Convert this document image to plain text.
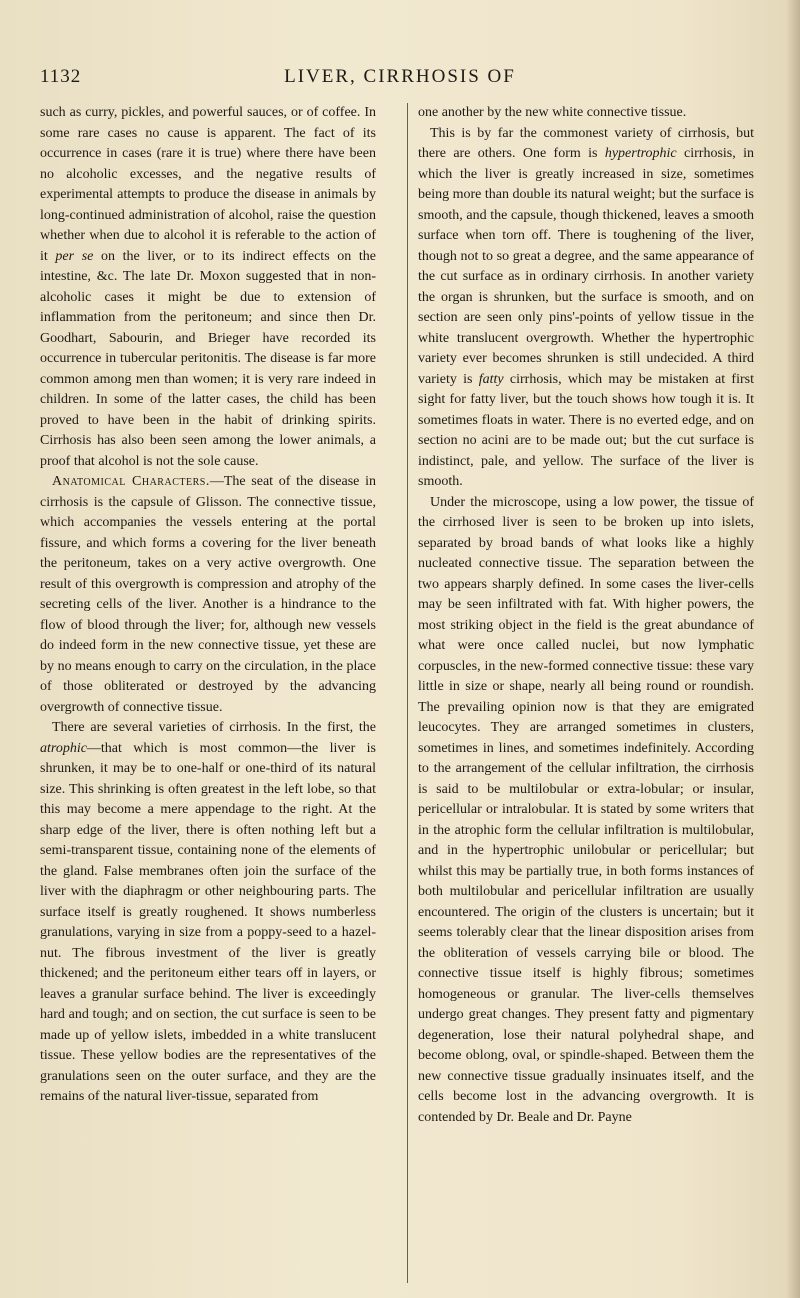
1132	LIVER, CIRRHOSIS OF

such as curry, pickles, and powerful sauces, or of coffee. In some rare cases no cause is apparent. The fact of its occurrence in cases (rare it is true) where there have been no alcoholic excesses, and the negative results of experimental attempts to produce the disease in animals by long-continued administration of alcohol, raise the question whether when due to alcohol it is referable to the action of it per se on the liver, or to its indirect effects on the intestine, &c. The late Dr. Moxon suggested that in non-alcoholic cases it might be due to extension of inflammation from the peritoneum; and since then Dr. Goodhart, Sabourin, and Brieger have recorded its occurrence in tubercular peritonitis. The disease is far more common among men than women; it is very rare indeed in children. In some of the latter cases, the child has been proved to have been in the habit of drinking spirits. Cirrhosis has also been seen among the lower animals, a proof that alcohol is not the sole cause.

Anatomical Characters.—The seat of the disease in cirrhosis is the capsule of Glisson. The connective tissue, which accompanies the vessels entering at the portal fissure, and which forms a covering for the liver beneath the peritoneum, takes on a very active overgrowth. One result of this overgrowth is compression and atrophy of the secreting cells of the liver. Another is a hindrance to the flow of blood through the liver; for, although new vessels do indeed form in the new connective tissue, yet these are by no means enough to carry on the circulation, in the place of those obliterated or destroyed by the advancing overgrowth of connective tissue.

There are several varieties of cirrhosis. In the first, the atrophic—that which is most common—the liver is shrunken, it may be to one-half or one-third of its natural size. This shrinking is often greatest in the left lobe, so that this may become a mere appendage to the right. At the sharp edge of the liver, there is often nothing left but a semi-transparent tissue, containing none of the elements of the gland. False membranes often join the surface of the liver with the diaphragm or other neighbouring parts. The surface itself is greatly roughened. It shows numberless granulations, varying in size from a poppy-seed to a hazel-nut. The fibrous investment of the liver is greatly thickened; and the peritoneum either tears off in layers, or leaves a granular surface behind. The liver is exceedingly hard and tough; and on section, the cut surface is seen to be made up of yellow islets, imbedded in a white translucent tissue. These yellow bodies are the representatives of the granulations seen on the outer surface, and they are the remains of the natural liver-tissue, separated from

one another by the new white connective tissue.

This is by far the commonest variety of cirrhosis, but there are others. One form is hypertrophic cirrhosis, in which the liver is greatly increased in size, sometimes being more than double its natural weight; but the surface is smooth, and the capsule, though thickened, leaves a smooth surface when torn off. There is toughening of the liver, though not to so great a degree, and the same appearance of the cut surface as in ordinary cirrhosis. In another variety the organ is shrunken, but the surface is smooth, and on section are seen only pins'-points of yellow tissue in the white translucent overgrowth. Whether the hypertrophic variety ever becomes shrunken is still undecided. A third variety is fatty cirrhosis, which may be mistaken at first sight for fatty liver, but the touch shows how tough it is. It sometimes floats in water. There is no everted edge, and on section no acini are to be made out; but the cut surface is indistinct, pale, and yellow. The surface of the liver is smooth.

Under the microscope, using a low power, the tissue of the cirrhosed liver is seen to be broken up into islets, separated by broad bands of what looks like a highly nucleated connective tissue. The separation between the two appears sharply defined. In some cases the liver-cells may be seen infiltrated with fat. With higher powers, the most striking object in the field is the great abundance of what were once called nuclei, but now lymphatic corpuscles, in the new-formed connective tissue: these vary little in size or shape, nearly all being round or roundish. The prevailing opinion now is that they are emigrated leucocytes. They are arranged sometimes in clusters, sometimes in lines, and sometimes indefinitely. According to the arrangement of the cellular infiltration, the cirrhosis is said to be multilobular or extra-lobular; or insular, pericellular or intralobular. It is stated by some writers that in the atrophic form the cellular infiltration is multilobular, and in the hypertrophic unilobular or pericellular; but whilst this may be partially true, in both forms instances of both multilobular and pericellular infiltration are usually encountered. The origin of the clusters is uncertain; but it seems tolerably clear that the linear disposition arises from the obliteration of vessels carrying bile or blood. The connective tissue itself is highly fibrous; sometimes homogeneous or granular. The liver-cells themselves undergo great changes. They present fatty and pigmentary degeneration, lose their natural polyhedral shape, and become oblong, oval, or spindle-shaped. Between them the new connective tissue gradually insinuates itself, and the cells become lost in the advancing overgrowth. It is contended by Dr. Beale and Dr. Payne
